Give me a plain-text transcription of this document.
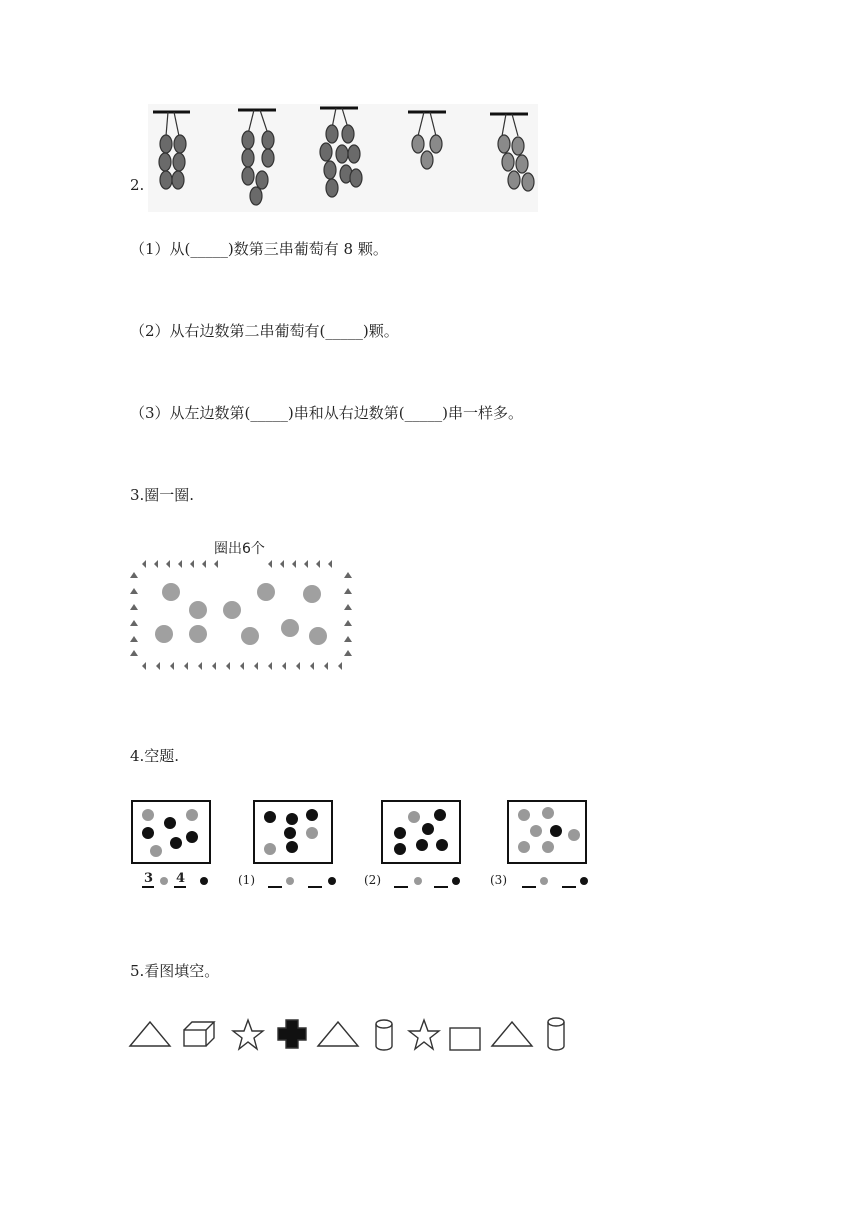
2.
（1）从(_____)数第三串葡萄有 8 颗。
（2）从右边数第二串葡萄有(_____)颗。
（3）从左边数第(_____)串和从右边数第(_____)串一样多。
3.圈一圈.
圈出6个
4.空题.
3 4	(1)	(2)	(3)
5.看图填空。
